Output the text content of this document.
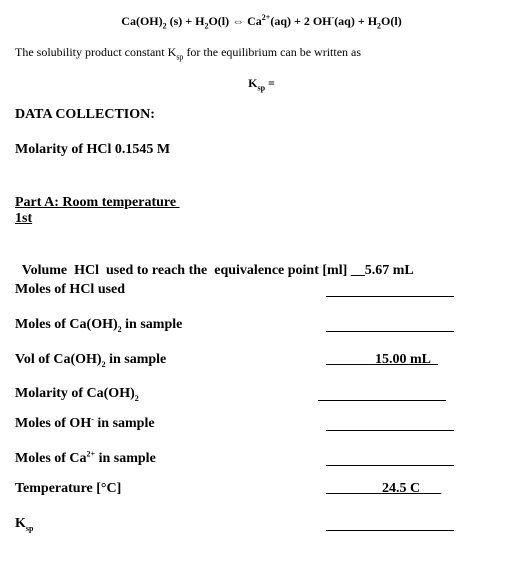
$Ca(OH)_2$ $(s) + H_2O(l)$ ⇔ $Ca^{2+}(aq) + 2$ $OH^-(aq) + H_2O(l)$
The solubility product constant $K_{sp}$ for the equilibrium can be written as
$K_{sp}$ =
DATA COLLECTION:
Molarity of HCl 0.1545 M
Part A: Room temperature
1st

Volume  HCl  used to reach the  equivalence point [ml] __5.67 mL

Moles of HCl used
Moles of $Ca(OH)_2$ in sample
Vol of $Ca(OH)_2$ in sample	_______15.00 mL_
Molarity of $Ca(OH)_2$
Moles of OH- in sample
Moles of $Ca^{2+}$ in sample
Temperature [°C]	________24.5 C___
$K_{sp}$
